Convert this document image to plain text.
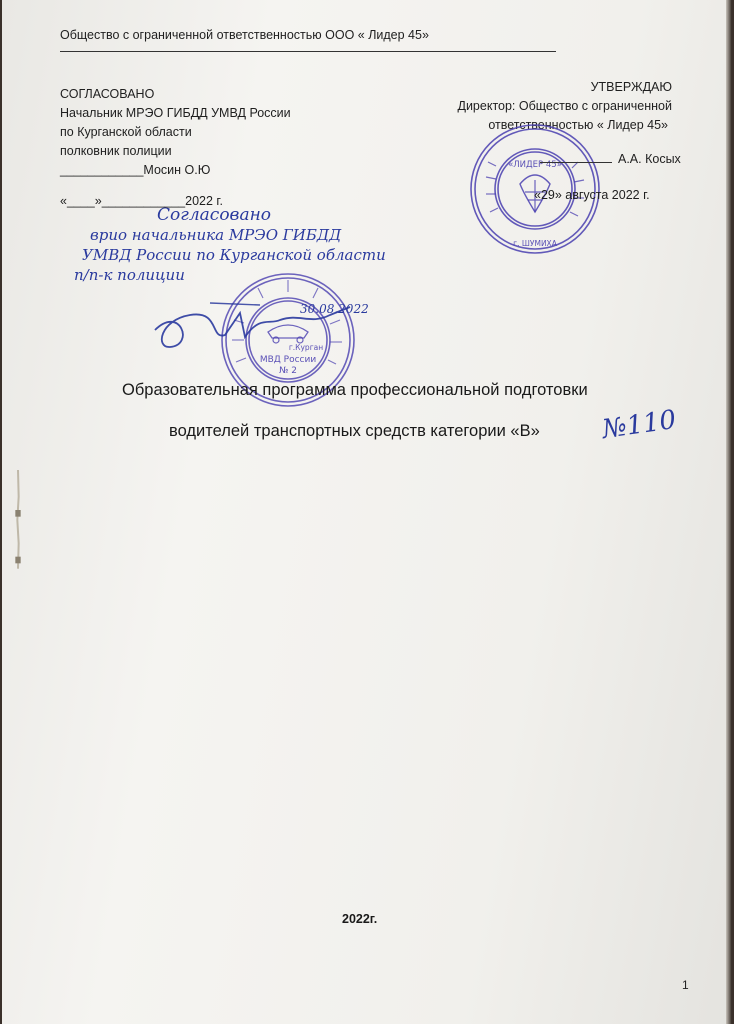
Общество с ограниченной ответственностью ООО « Лидер 45»
СОГЛАСОВАНО
Начальник МРЭО ГИБДД УМВД России
по Курганской области
полковник полиции
____________Мосин О.Ю
«____»____________2022 г.
УТВЕРЖДАЮ
Директор: Общество с ограниченной
ответственностью « Лидер 45»
«ЛИДЕР 45»
г. ШУМИХА
А.А. Косых
«29» августа 2022 г.
Согласовано
врио начальника МРЭО ГИБДД
УМВД России по Курганской области
п/п-к полиции
МВД России
№ 2
г.Курган
30.08.2022
Образовательная программа профессиональной подготовки
водителей транспортных средств категории «В» №110
2022г.
1
